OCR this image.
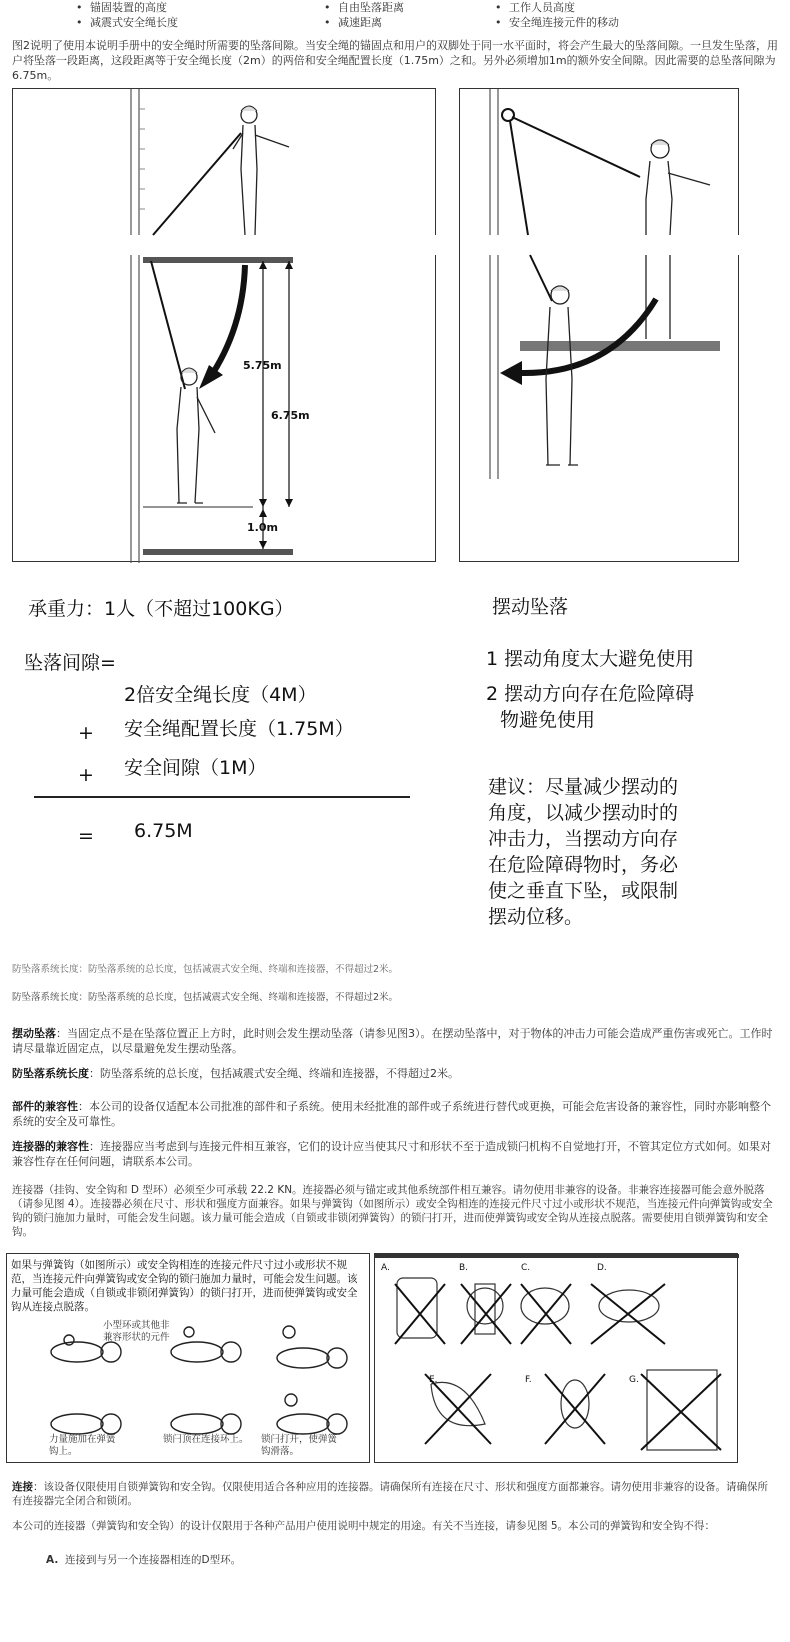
• 锚固装置的高度
• 减震式安全绳长度
• 自由坠落距离
• 减速距离
• 工作人员高度
• 安全绳连接元件的移动
图2说明了使用本说明手册中的安全绳时所需要的坠落间隙。当安全绳的锚固点和用户的双脚处于同一水平面时，将会产生最大的坠落间隙。一旦发生坠落，用户将坠落一段距离，这段距离等于安全绳长度（2m）的两倍和安全绳配置长度（1.75m）之和。另外必须增加1m的额外安全间隙。因此需要的总坠落间隙为6.75m。
5.75m
6.75m
1.0m
承重力：1人（不超过100KG）	摆动坠落
坠落间隙=
2倍安全绳长度（4M）
+ 安全绳配置长度（1.75M）
+ 安全间隙（1M）
= 6.75M
1 摆动角度太大避免使用
2 摆动方向存在危险障碍
物避免使用
建议：尽量减少摆动的
角度，以减少摆动时的
冲击力，当摆动方向存
在危险障碍物时，务必
使之垂直下坠，或限制
摆动位移。
防坠落系统长度：防坠落系统的总长度，包括减震式安全绳、终端和连接器，不得超过2米。
防坠落系统长度：防坠落系统的总长度，包括减震式安全绳、终端和连接器，不得超过2米。
摆动坠落：当固定点不是在坠落位置正上方时，此时则会发生摆动坠落（请参见图3）。在摆动坠落中，对于物体的冲击力可能会造成严重伤害或死亡。工作时请尽量靠近固定点，以尽量避免发生摆动坠落。
防坠落系统长度：防坠落系统的总长度，包括减震式安全绳、终端和连接器，不得超过2米。
部件的兼容性：本公司的设备仅适配本公司批准的部件和子系统。使用未经批准的部件或子系统进行替代或更换，可能会危害设备的兼容性，同时亦影响整个系统的安全及可靠性。
连接器的兼容性：连接器应当考虑到与连接元件相互兼容，它们的设计应当使其尺寸和形状不至于造成锁闩机构不自觉地打开，不管其定位方式如何。如果对兼容性存在任何问题，请联系本公司。
连接器（挂钩、安全钩和 D 型环）必须至少可承载 22.2 KN。连接器必须与锚定或其他系统部件相互兼容。请勿使用非兼容的设备。非兼容连接器可能会意外脱落（请参见图 4）。连接器必须在尺寸、形状和强度方面兼容。如果与弹簧钩（如图所示）或安全钩相连的连接元件尺寸过小或形状不规范，当连接元件向弹簧钩或安全钩的锁闩施加力量时，可能会发生问题。该力量可能会造成（自锁或非锁闭弹簧钩）的锁闩打开，进而使弹簧钩或安全钩从连接点脱落。需要使用自锁弹簧钩和安全钩。
如果与弹簧钩（如图所示）或安全钩相连的连接元件尺寸过小或形状不规范，当连接元件向弹簧钩或安全钩的锁闩施加力量时，可能会发生问题。该力量可能会造成（自锁或非锁闭弹簧钩）的锁闩打开，进而使弹簧钩或安全钩从连接点脱落。
小型环或其他非兼容形状的元件
力量施加在弹簧钩上。
锁闩顶在连接环上。	锁闩打开，使弹簧钩滑落。
A.	B.	C.	D.
E.	F.	G.
连接：该设备仅限使用自锁弹簧钩和安全钩。仅限使用适合各种应用的连接器。请确保所有连接在尺寸、形状和强度方面都兼容。请勿使用非兼容的设备。请确保所有连接器完全闭合和锁闭。
本公司的连接器（弹簧钩和安全钩）的设计仅限用于各种产品用户使用说明中规定的用途。有关不当连接，请参见图 5。本公司的弹簧钩和安全钩不得：
A. 连接到与另一个连接器相连的D型环。
